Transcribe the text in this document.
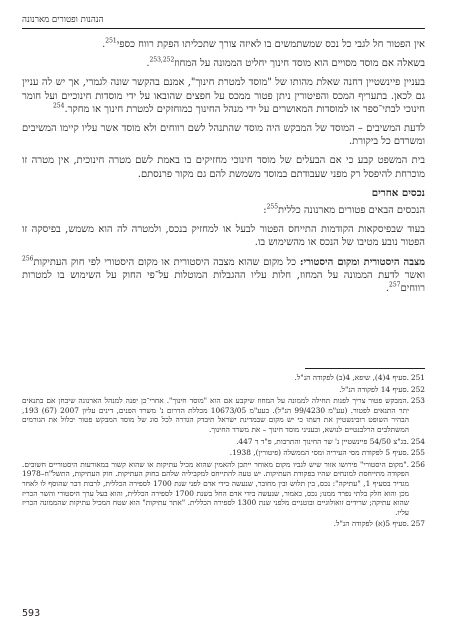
הנהנות ופטורים מארנונה

אין הפטור חל לגבי כל נכס שמשתמשים בו לאיזה צורך שתכליתו הפקת רווח כספי$^{251}$.

בשאלה אם מוסד מסויים הוא מוסד חינוך יחליט הממונה על המחוז$^{253,252}$.

בעניין פיינשטיין דחנה שאלת מהותו של "מוסד למטרת חינוך", אמנם בהקשר שונה לגמרי, אך יש לה עניין גם לכאן. בתעריף המכס והפיטורין ניתן פטור ממכס על חפצים שהובאו על ידי מוסדות חינוכיים ועל חומר חינוכי לבתי־ספר או למוסדות המאושרים על ידי מנהל החינוך כמוחזקים למטרת חינוך או מחקר.$^{254}$

לדעת המשיבים – המוסד של המבקש היה מוסד שהתנהל לשם רווחים ולא מוסד אשר עליו קיימו המשיבים ומשרדם כל ביקורת.

בית המשפט קבע כי אם הבעלים של מוסד חינוכי מחזיקים בו באמת לשם מטרה חינוכית, אין מטרה זו מוכרחת להיפסל רק מפני שעבודתם במוסד משמשת להם גם מקור פרנסתם.

נכסים אחרים

הנכסים הבאים פטורים מארנונה כללית$^{255}$:

בעוד שבפיסקאות הקודמות התייחס הפטור לבעל או למחזיק בנכס, ולמטרה לה הוא משמש, בפיסקה זו הפטור נובע מטיבו של הנכס או מהשימוש בו.

מצבה היסטורית ומקום היסטורי: כל מקום שהוא מצבה היסטורית או מקום היסטורי לפי חוק העתיקות$^{256}$ ואשר לדעת הממונה על המחוז, חלות עליו ההגבלות המוטלות על־פי החוק על השימוש בו למטרות רווחים$^{257}$.

251
.סעיף 4(4), שיפא, 4(ב) לפקודה הנ"ל.
252
.סעיף 14 לפקודה הנ"ל.
253
.המבקש פטור צריך לפנות תחילה לממונה על המחוז שיקבע אם הוא "מוסד חינוך". אחרי־כן יפנה למנהל הארנונה שיבחן אם בתנאים יתר התנאים לפטור. (עע"מ 99/4230 הנ"ל). בעע"מ 10673/05 מכללת הדרום נ' משרד הפנים, דינים עליון 2007 (67) 193, הבהיר השופט רובינשטיין את דעתו כי יש מקום שבמדינת ישראל תיבדק הגדרה לכל סוג של מוסד המבקש פטור יכלול את הגורמים המשתלבים הרלבנטיים לנושא, ובעניני מוסד חינוך – את משרד החינוך.
254
.בג"צ 54/50 פיינשטיין נ' שר החינוך והתרבות, פ"ד ד 447.
255
.סעיף 5 לפקודת מסי העיריה ומסי הממשלה (פיטורין), 1938.
256
."מקום היסטורי" פירושו אזור שיש לגביו מקום מאוחר ייתכן להאמין שהוא מכיל עתיקות או שהוא קשור במאורעות היסטוריים חשובים. הפקודה מתייחסת למונחים שהיו בפקודת העתיקות. יש טעה להתייחס למקביליה שלהם בחוק העתיקות. חוק העתיקות, התשל"ח–1978 מגדיר בסעיף 1, "עתיקה": נכס, בין תלוש ובין מחובר, שנעשה בידי אדם לפני שנת 1700 לספירה הכללית, לרבות דבר שהוסף לו לאחר מכן והוא חלק בלתי נפרד ממנו; נכס, כאמור, שנעשה בידי אדם החל בשנת 1700 לספירה הכללית, והוא בעל ערך היסטורי והשר הכריז שהוא עתיקה; שרידים זואולוגיים ובוטניים מלפני שנת 1300 לספירה הכללית. "אתר עתיקות" הוא שטח המכיל עתיקות שהממונה הכריז עליו.
257
.סעיף 5(א) לפקודה הנ"ל.
593
